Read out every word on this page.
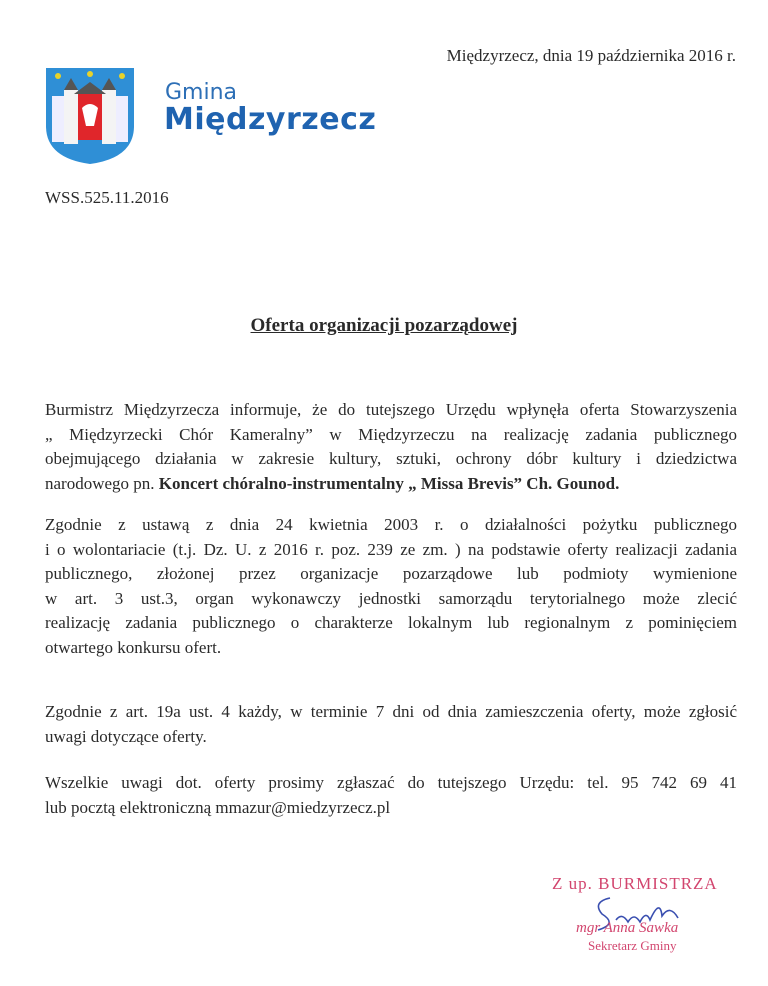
Międzyrzecz, dnia 19 października 2016 r.
Gmina
Międzyrzecz
WSS.525.11.2016
Oferta organizacji pozarządowej
Burmistrz Międzyrzecza informuje, że do tutejszego Urzędu wpłynęła oferta Stowarzyszenia
„ Międzyrzecki Chór Kameralny” w Międzyrzeczu na realizację zadania publicznego
obejmującego działania w zakresie kultury, sztuki, ochrony dóbr kultury i dziedzictwa
narodowego pn. Koncert chóralno-instrumentalny „ Missa Brevis” Ch. Gounod.
Zgodnie z ustawą z dnia 24 kwietnia 2003 r. o działalności pożytku publicznego
i o wolontariacie (t.j. Dz. U. z 2016 r. poz. 239 ze zm. ) na podstawie oferty realizacji zadania
publicznego, złożonej przez organizacje pozarządowe lub podmioty wymienione
w art. 3 ust.3, organ wykonawczy jednostki samorządu terytorialnego może zlecić
realizację zadania publicznego o charakterze lokalnym lub regionalnym z pominięciem
otwartego konkursu ofert.
Zgodnie z art. 19a ust. 4 każdy, w terminie 7 dni od dnia zamieszczenia oferty, może zgłosić
uwagi dotyczące oferty.
Wszelkie uwagi dot. oferty prosimy zgłaszać do tutejszego Urzędu: tel. 95 742 69 41
lub pocztą elektroniczną mmazur@miedzyrzecz.pl
Z up. BURMISTRZA
mgr Anna Sawka
Sekretarz Gminy
